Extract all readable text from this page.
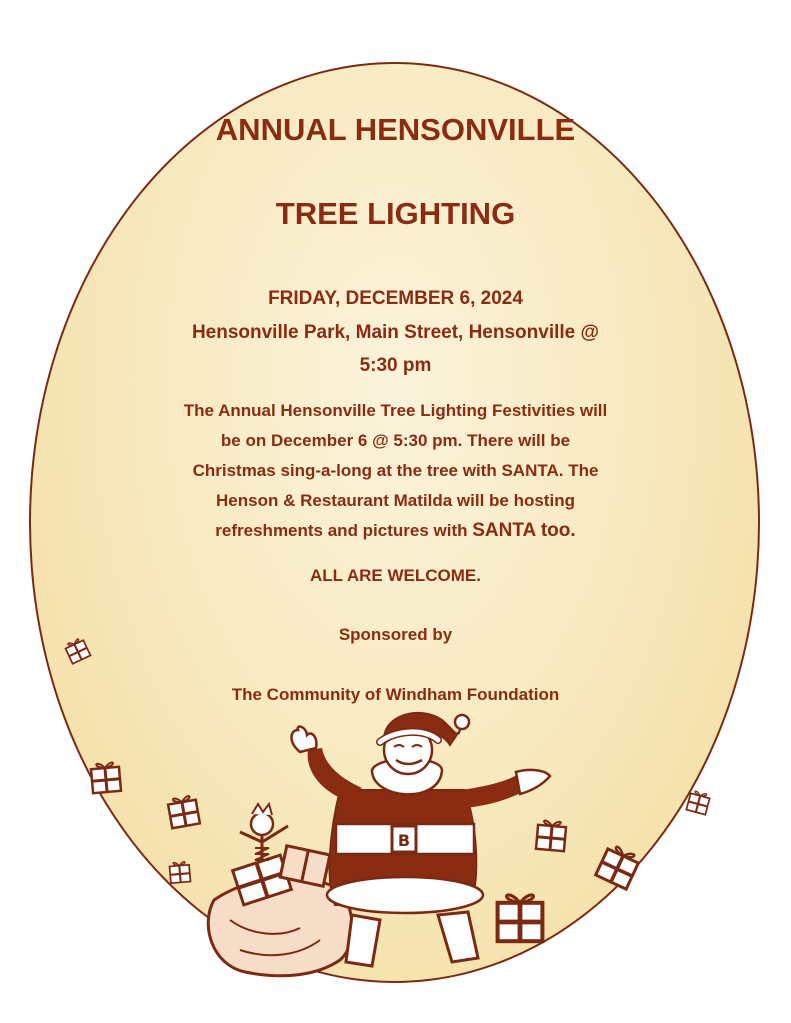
ANNUAL HENSONVILLE
TREE LIGHTING
FRIDAY, DECEMBER 6, 2024
Hensonville Park, Main Street, Hensonville @
5:30 pm
The Annual Hensonville Tree Lighting Festivities will
be on December 6 @ 5:30 pm. There will be
Christmas sing-a-long at the tree with SANTA. The
Henson & Restaurant Matilda will be hosting
refreshments and pictures with SANTA too.
ALL ARE WELCOME.
Sponsored by
The Community of Windham Foundation
B
